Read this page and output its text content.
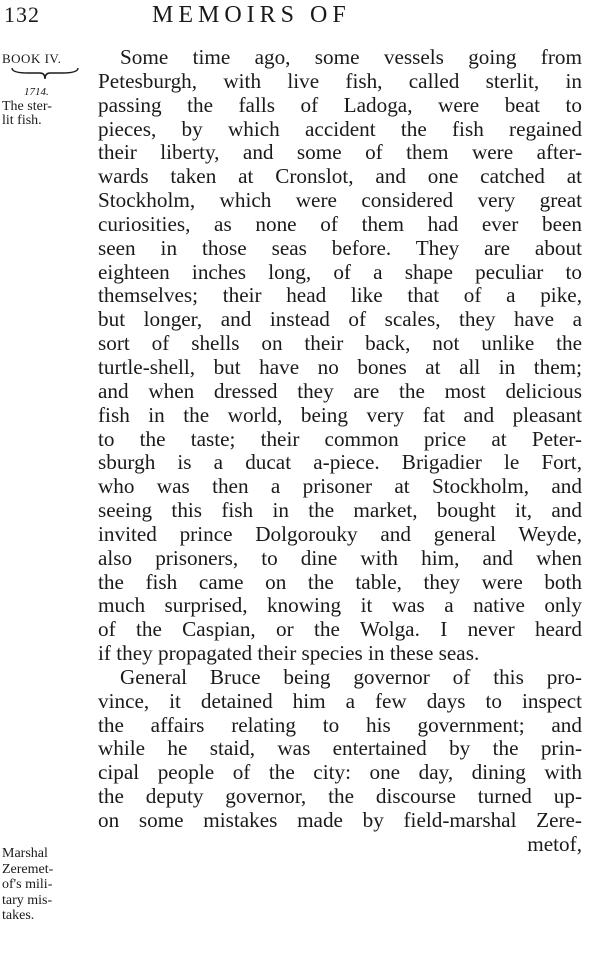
132	MEMOIRS OF
BOOK IV.
1714.
The ster-
lit fish.
Marshal
Zeremet-
of's mili-
tary mis-
takes.
Some time ago, some vessels going from
Petesburgh, with live fish, called sterlit, in
passing the falls of Ladoga, were beat to
pieces, by which accident the fish regained
their liberty, and some of them were after-
wards taken at Cronslot, and one catched at
Stockholm, which were considered very great
curiosities, as none of them had ever been
seen in those seas before. They are about
eighteen inches long, of a shape peculiar to
themselves; their head like that of a pike,
but longer, and instead of scales, they have a
sort of shells on their back, not unlike the
turtle-shell, but have no bones at all in them;
and when dressed they are the most delicious
fish in the world, being very fat and pleasant
to the taste; their common price at Peter-
sburgh is a ducat a-piece. Brigadier le Fort,
who was then a prisoner at Stockholm, and
seeing this fish in the market, bought it, and
invited prince Dolgorouky and general Weyde,
also prisoners, to dine with him, and when
the fish came on the table, they were both
much surprised, knowing it was a native only
of the Caspian, or the Wolga. I never heard
if they propagated their species in these seas.
General Bruce being governor of this pro-
vince, it detained him a few days to inspect
the affairs relating to his government; and
while he staid, was entertained by the prin-
cipal people of the city: one day, dining with
the deputy governor, the discourse turned up-
on some mistakes made by field-marshal Zere-
metof,
